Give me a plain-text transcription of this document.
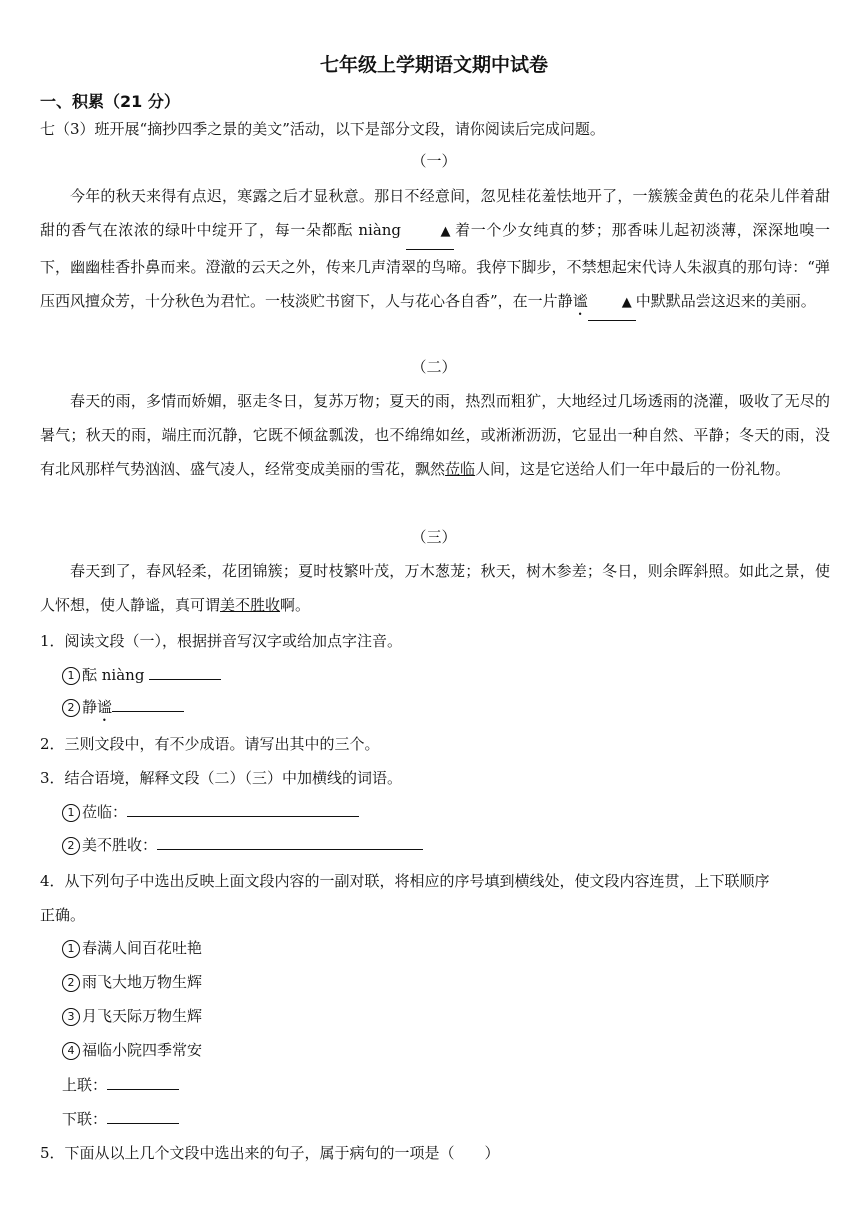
七年级上学期语文期中试卷
一、积累（21 分）
七（3）班开展“摘抄四季之景的美文”活动，以下是部分文段，请你阅读后完成问题。
（一）
今年的秋天来得有点迟，寒露之后才显秋意。那日不经意间，忽见桂花羞怯地开了，一簇簇金黄色的花朵儿伴着甜甜的香气在浓浓的绿叶中绽开了，每一朵都酝 niàng	▲ 着一个少女纯真的梦；那香味儿起初淡薄，深深地嗅一下，幽幽桂香扑鼻而来。澄澈的云天之外，传来几声清翠的鸟啼。我停下脚步，不禁想起宋代诗人朱淑真的那句诗：“弹压西风擅众芳，十分秋色为君忙。一枝淡贮书窗下，人与花心各自香”，在一片静谧	▲ 中默默品尝这迟来的美丽。
（二）
春天的雨，多情而娇媚，驱走冬日，复苏万物；夏天的雨，热烈而粗犷，大地经过几场透雨的浇灌，吸收了无尽的暑气；秋天的雨，端庄而沉静，它既不倾盆瓢泼，也不绵绵如丝，或淅淅沥沥，它显出一种自然、平静；冬天的雨，没有北风那样气势汹汹、盛气凌人，经常变成美丽的雪花，飘然莅临人间，这是它送给人们一年中最后的一份礼物。
（三）
春天到了，春风轻柔，花团锦簇；夏时枝繁叶茂，万木葱茏；秋天，树木参差；冬日，则余晖斜照。如此之景，使人怀想，使人静谧，真可谓美不胜收啊。
1．阅读文段（一），根据拼音写汉字或给加点字注音。
1 酝 niàng
2 静谧
2．三则文段中，有不少成语。请写出其中的三个。
3．结合语境，解释文段（二）（三）中加横线的词语。
1 莅临：
2 美不胜收：
4．从下列句子中选出反映上面文段内容的一副对联，将相应的序号填到横线处，使文段内容连贯，上下联顺序
正确。
1 春满人间百花吐艳
2 雨飞大地万物生辉
3 月飞天际万物生辉
4 福临小院四季常安
上联：
下联：
5．下面从以上几个文段中选出来的句子，属于病句的一项是（　　）
